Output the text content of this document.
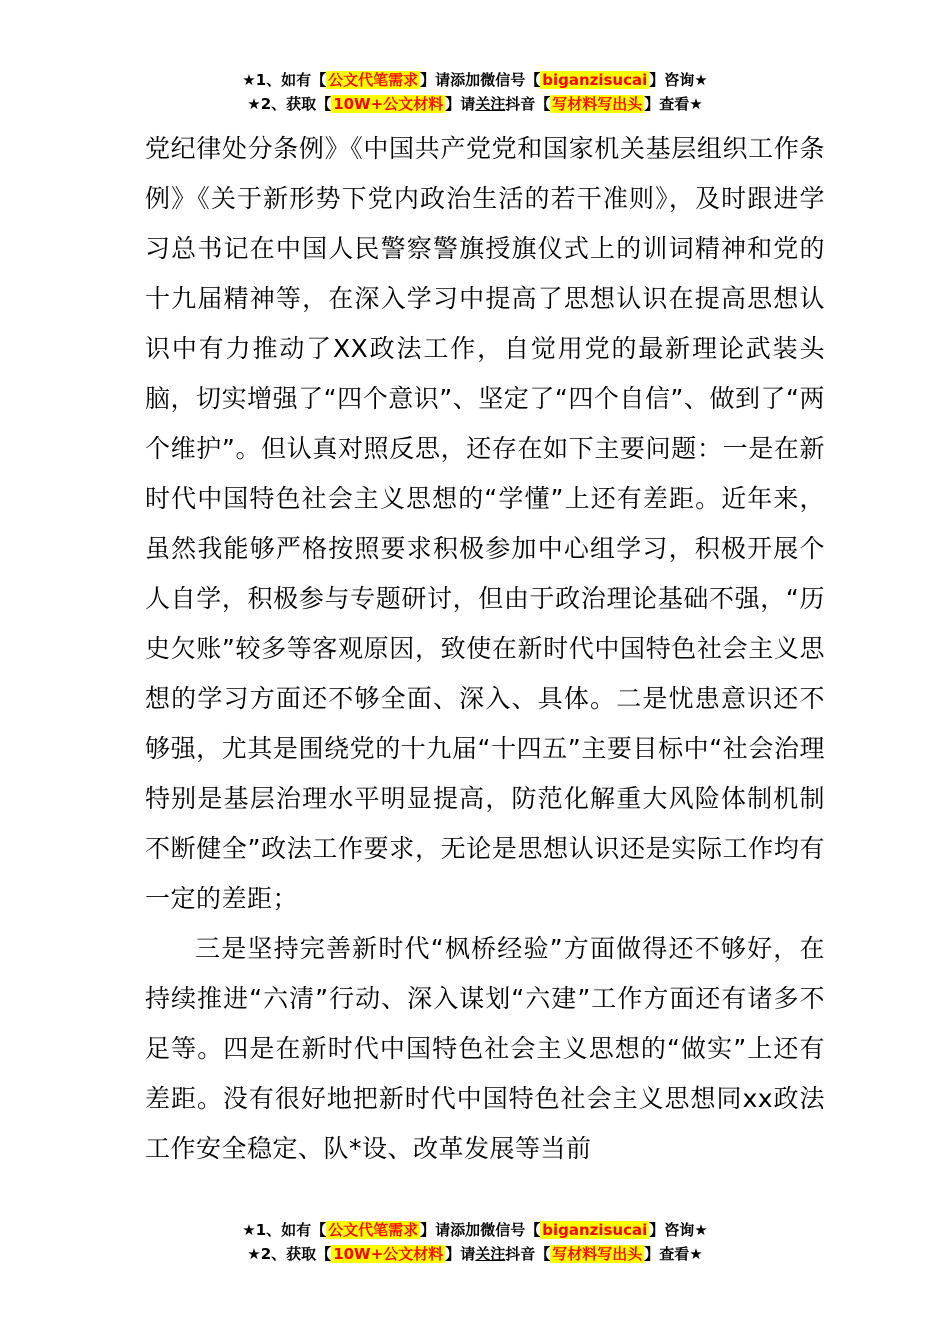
★1、如有【 公文代笔需求 】请添加微信号【 biganzisucai 】咨询★
★2、获取【 10W+公文材料 】请关注抖音【 写材料写出头 】查看★

党纪律处分条例》《中国共产党党和国家机关基层组织工作条例》《关于新形势下党内政治生活的若干准则》，及时跟进学习总书记在中国人民警察警旗授旗仪式上的训词精神和党的十九届精神等，在深入学习中提高了思想认识在提高思想认识中有力推动了XX政法工作，自觉用党的最新理论武装头脑，切实增强了“四个意识”、坚定了“四个自信”、做到了“两个维护”。但认真对照反思，还存在如下主要问题：一是在新时代中国特色社会主义思想的“学懂”上还有差距。近年来，虽然我能够严格按照要求积极参加中心组学习，积极开展个人自学，积极参与专题研讨，但由于政治理论基础不强，“历史欠账”较多等客观原因，致使在新时代中国特色社会主义思想的学习方面还不够全面、深入、具体。二是忧患意识还不够强，尤其是围绕党的十九届“十四五”主要目标中“社会治理特别是基层治理水平明显提高，防范化解重大风险体制机制不断健全”政法工作要求，无论是思想认识还是实际工作均有一定的差距；

三是坚持完善新时代“枫桥经验”方面做得还不够好，在持续推进“六清”行动、深入谋划“六建”工作方面还有诸多不足等。四是在新时代中国特色社会主义思想的“做实”上还有差距。没有很好地把新时代中国特色社会主义思想同xx政法工作安全稳定、队*设、改革发展等当前

★1、如有【 公文代笔需求 】请添加微信号【 biganzisucai 】咨询★
★2、获取【 10W+公文材料 】请关注抖音【 写材料写出头 】查看★
